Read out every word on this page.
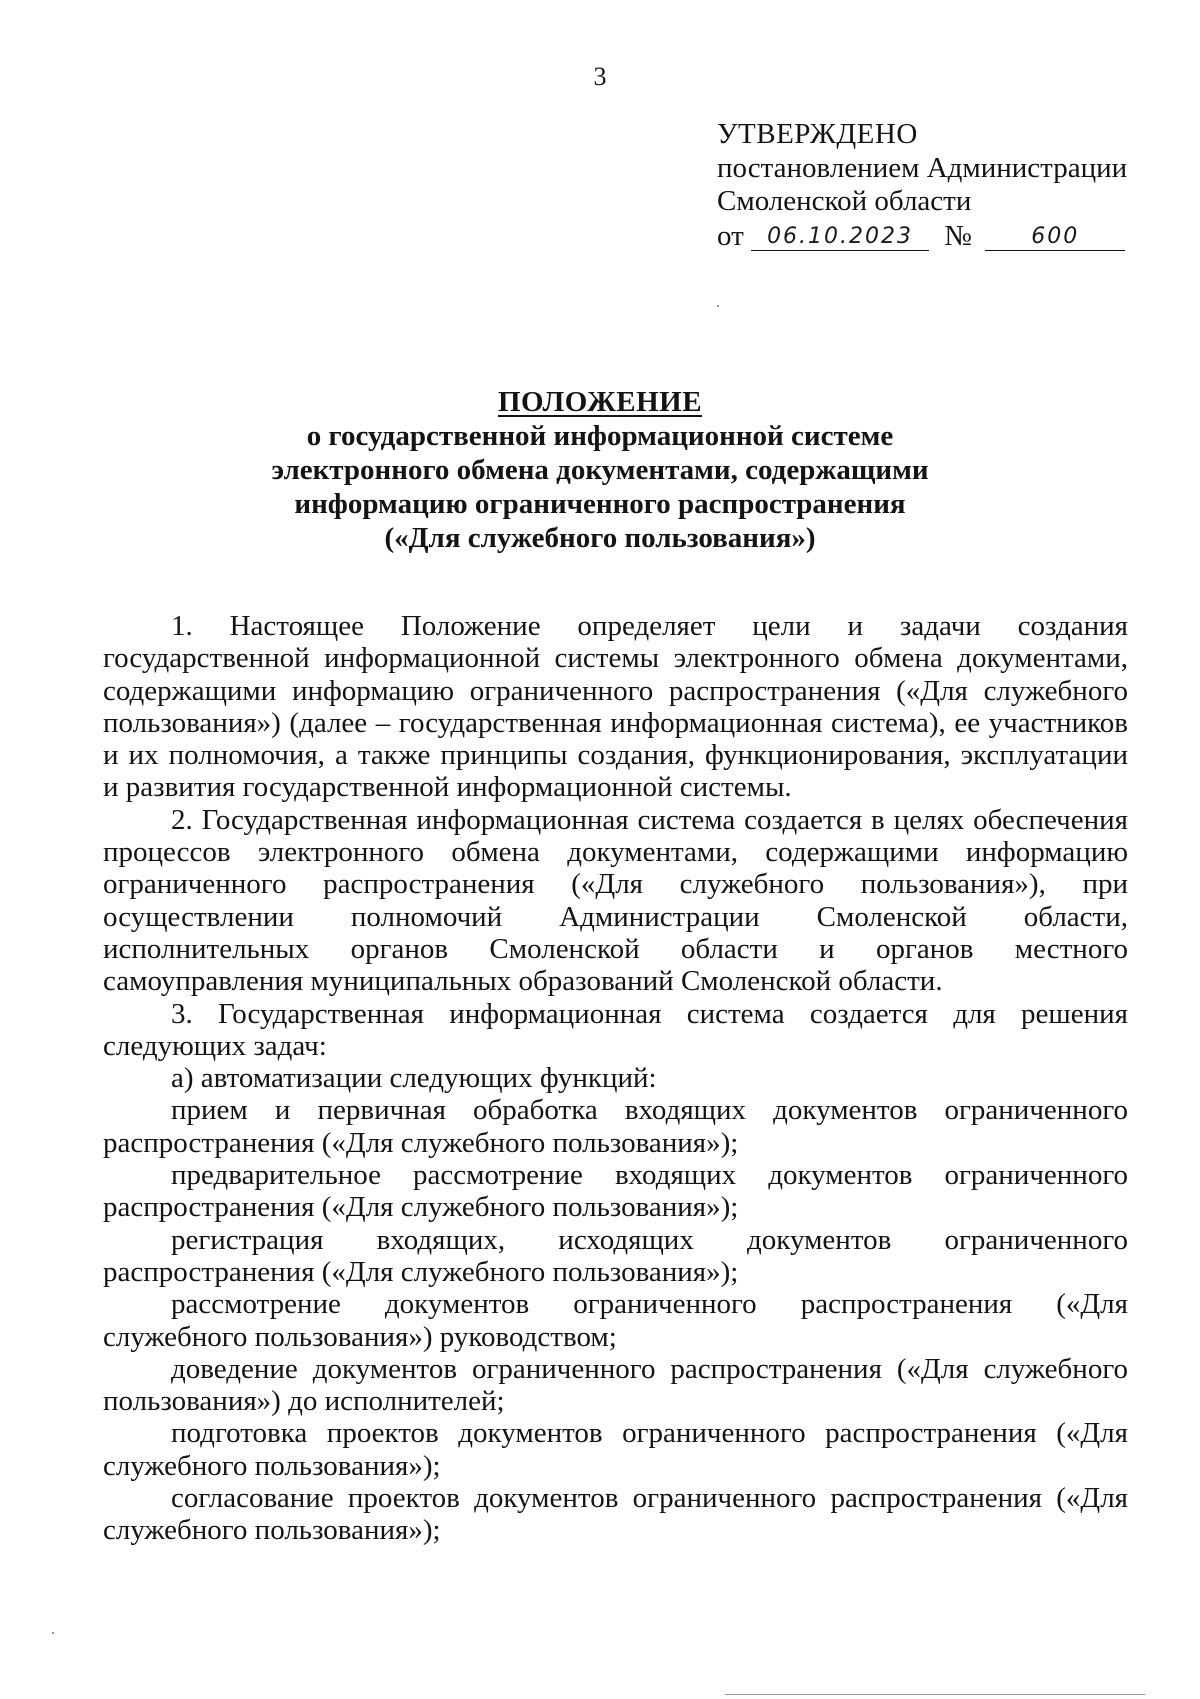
3
УТВЕРЖДЕНО
постановлением Администрации
Смоленской области
от 06.10.2023 №	600
ПОЛОЖЕНИЕ
о государственной информационной системе
электронного обмена документами, содержащими
информацию ограниченного распространения
(«Для служебного пользования»)

1. Настоящее Положение определяет цели и задачи создания государственной информационной системы электронного обмена документами, содержащими информацию ограниченного распространения («Для служебного пользования») (далее – государственная информационная система), ее участников и их полномочия, а также принципы создания, функционирования, эксплуатации и развития государственной информационной системы.

2. Государственная информационная система создается в целях обеспечения процессов электронного обмена документами, содержащими информацию ограниченного распространения («Для служебного пользования»), при осуществлении полномочий Администрации Смоленской области, исполнительных органов Смоленской области и органов местного самоуправления муниципальных образований Смоленской области.

3. Государственная информационная система создается для решения следующих задач:

а) автоматизации следующих функций:

прием и первичная обработка входящих документов ограниченного распространения («Для служебного пользования»);

предварительное рассмотрение входящих документов ограниченного распространения («Для служебного пользования»);

регистрация входящих, исходящих документов ограниченного распространения («Для служебного пользования»);

рассмотрение документов ограниченного распространения («Для служебного пользования») руководством;

доведение документов ограниченного распространения («Для служебного пользования») до исполнителей;

подготовка проектов документов ограниченного распространения («Для служебного пользования»);

согласование проектов документов ограниченного распространения («Для служебного пользования»);
